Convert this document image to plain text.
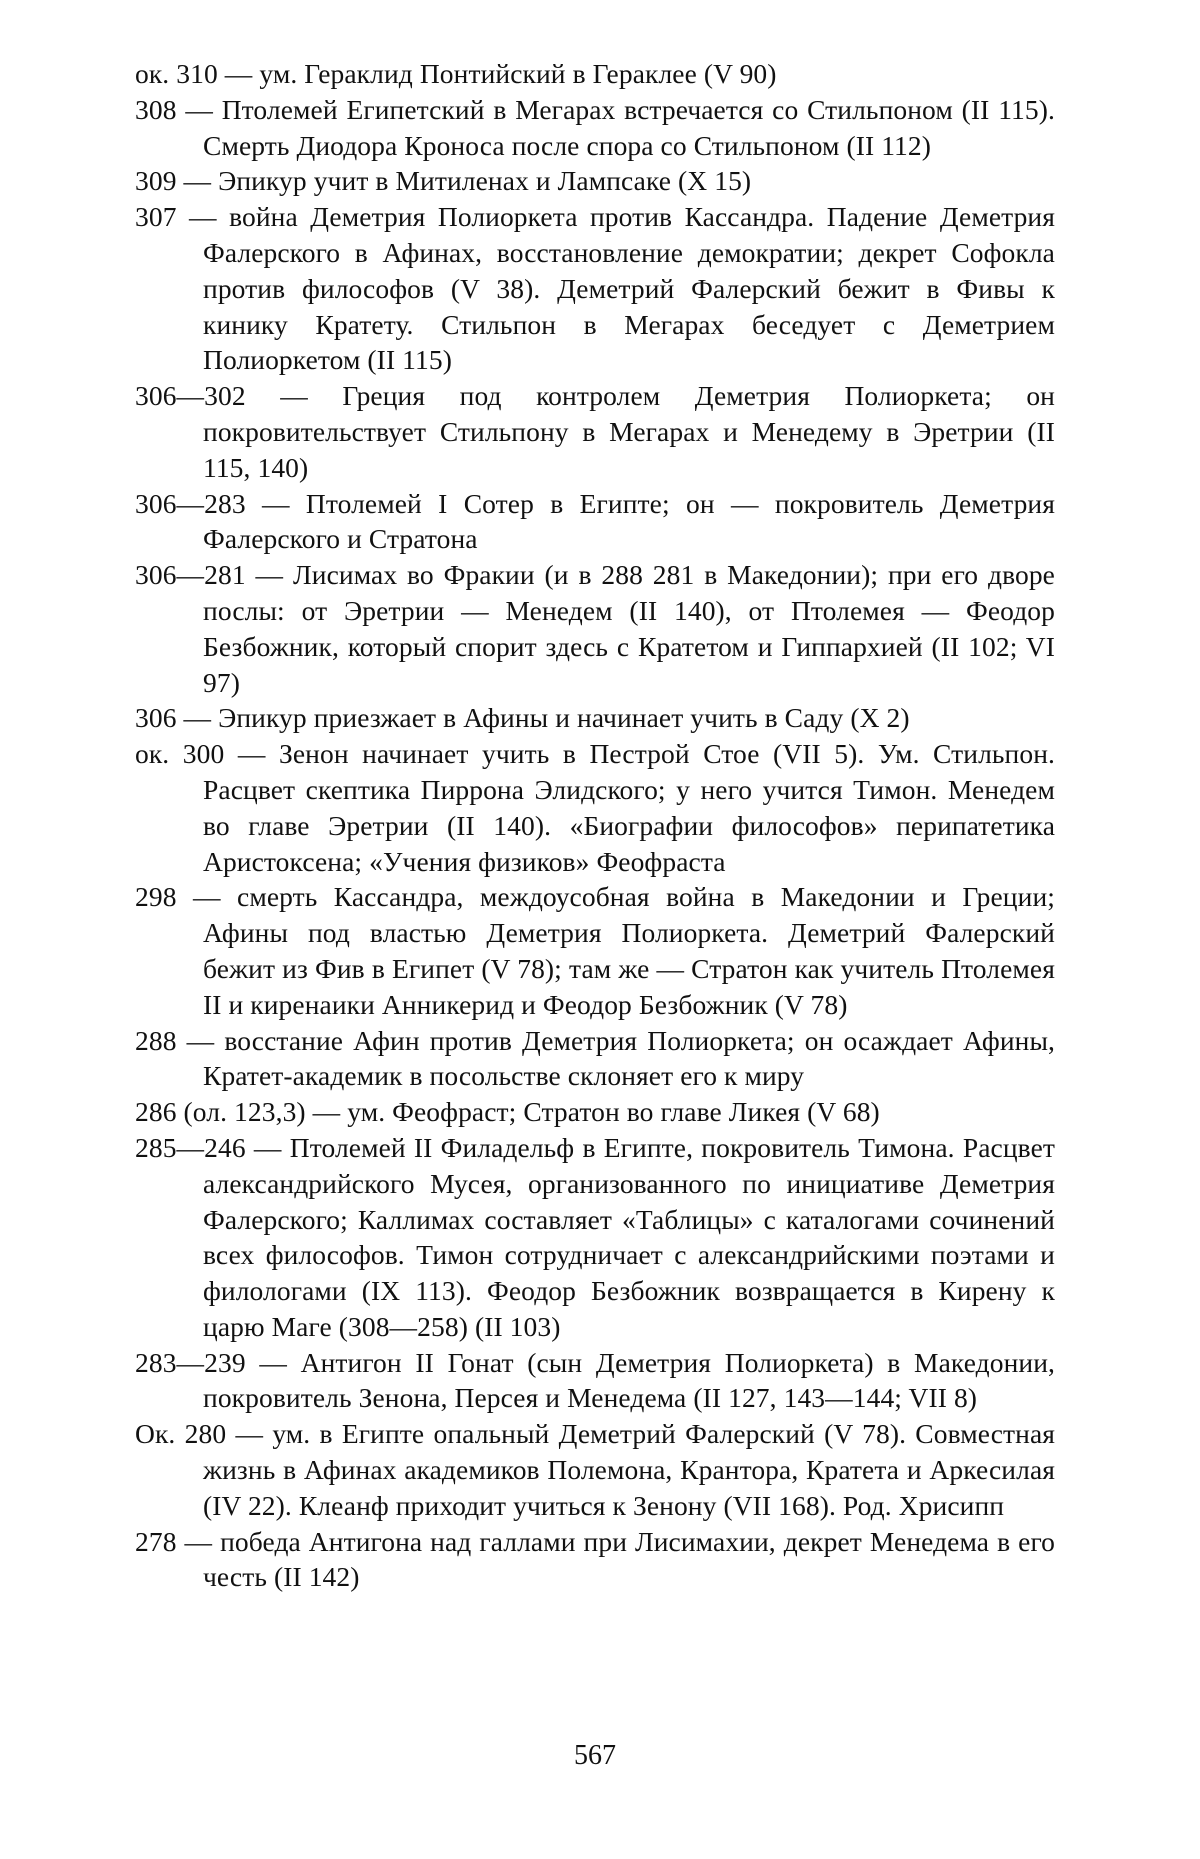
ок. 310 — ум. Гераклид Понтийский в Гераклее (V 90)

308 — Птолемей Египетский в Мегарах встречается со Стильпоном (II 115). Смерть Диодора Кроноса после спора со Стильпоном (II 112)

309 — Эпикур учит в Митиленах и Лампсаке (X 15)

307 — война Деметрия Полиоркета против Кассандра. Падение Деметрия Фалерского в Афинах, восстановление демократии; декрет Софокла против философов (V 38). Деметрий Фалерский бежит в Фивы к кинику Кратету. Стильпон в Мегарах беседует с Деметрием Полиоркетом (II 115)

306—302 — Греция под контролем Деметрия Полиоркета; он покровительствует Стильпону в Мегарах и Менедему в Эретрии (II 115, 140)

306—283 — Птолемей I Сотер в Египте; он — покровитель Деметрия Фалерского и Стратона

306—281 — Лисимах во Фракии (и в 288 281 в Македонии); при его дворе послы: от Эретрии — Менедем (II 140), от Птолемея — Феодор Безбожник, который спорит здесь с Кратетом и Гиппархией (II 102; VI 97)

306 — Эпикур приезжает в Афины и начинает учить в Саду (X 2)

ок. 300 — Зенон начинает учить в Пестрой Стое (VII 5). Ум. Стильпон. Расцвет скептика Пиррона Элидского; у него учится Тимон. Менедем во главе Эретрии (II 140). «Биографии философов» перипатетика Аристоксена; «Учения физиков» Феофраста

298 — смерть Кассандра, междоусобная война в Македонии и Греции; Афины под властью Деметрия Полиоркета. Деметрий Фалерский бежит из Фив в Египет (V 78); там же — Стратон как учитель Птолемея II и киренаики Анникерид и Феодор Безбожник (V 78)

288 — восстание Афин против Деметрия Полиоркета; он осаждает Афины, Кратет-академик в посольстве склоняет его к миру

286 (ол. 123,3) — ум. Феофраст; Стратон во главе Ликея (V 68)

285—246 — Птолемей II Филадельф в Египте, покровитель Тимона. Расцвет александрийского Мусея, организованного по инициативе Деметрия Фалерского; Каллимах составляет «Таблицы» с каталогами сочинений всех философов. Тимон сотрудничает с александрийскими поэтами и филологами (IX 113). Феодор Безбожник возвращается в Кирену к царю Маге (308—258) (II 103)

283—239 — Антигон II Гонат (сын Деметрия Полиоркета) в Македонии, покровитель Зенона, Персея и Менедема (II 127, 143—144; VII 8)

Ок. 280 — ум. в Египте опальный Деметрий Фалерский (V 78). Совместная жизнь в Афинах академиков Полемона, Крантора, Кратета и Аркесилая (IV 22). Клеанф приходит учиться к Зенону (VII 168). Род. Хрисипп

278 — победа Антигона над галлами при Лисимахии, декрет Менедема в его честь (II 142)

567
